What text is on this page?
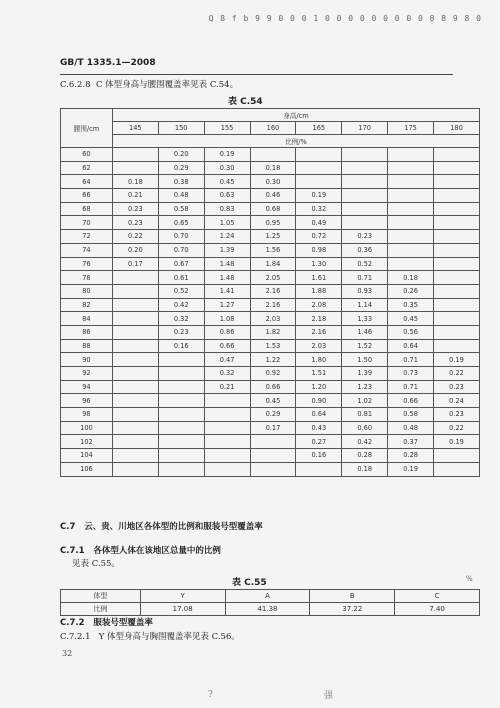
Q 8 f b 9 9 0 0 0 1 0 0 0 0 0 0 0 0 0 8 8 9 8 0
GB/T 1335.1—2008
C.6.2.8 C 体型身高与腰围覆盖率见表 C.54。
表 C.54
腰围/cm	身高/cm							
	145	150	155	160	165	170	175	180
	比例/%							
60		0.20	0.19					
62		0.29	0.30	0.18				
64	0.18	0.38	0.45	0.30				
66	0.21	0.48	0.63	0.46	0.19			
68	0.23	0.58	0.83	0.68	0.32			
70	0.23	0.65	1.05	0.95	0.49			
72	0.22	0.70	1.24	1.25	0.72	0.23		
74	0.20	0.70	1.39	1.56	0.98	0.36		
76	0.17	0.67	1.48	1.84	1.30	0.52		
78		0.61	1.48	2.05	1.61	0.71	0.18	
80		0.52	1.41	2.16	1.88	0.93	0.26	
82		0.42	1.27	2.16	2.08	1.14	0.35	
84		0.32	1.08	2.03	2.18	1.33	0.45	
86		0.23	0.86	1.82	2.16	1.46	0.56	
88		0.16	0.66	1.53	2.03	1.52	0.64	
90			0.47	1.22	1.80	1.50	0.71	0.19
92			0.32	0.92	1.51	1.39	0.73	0.22
94			0.21	0.66	1.20	1.23	0.71	0.23
96				0.45	0.90	1.02	0.66	0.24
98				0.29	0.64	0.81	0.58	0.23
100				0.17	0.43	0.60	0.48	0.22
102					0.27	0.42	0.37	0.19
104					0.16	0.28	0.28	
106						0.18	0.19	
C.7 云、贵、川地区各体型的比例和服装号型覆盖率
C.7.1 各体型人体在该地区总量中的比例
见表 C.55。
表 C.55	%
体型	Y	A	B	C
比例	17.08	41.38	37.22	7.40
C.7.2 服装号型覆盖率
C.7.2.1 Y 体型身高与胸围覆盖率见表 C.56。
32
?	强
